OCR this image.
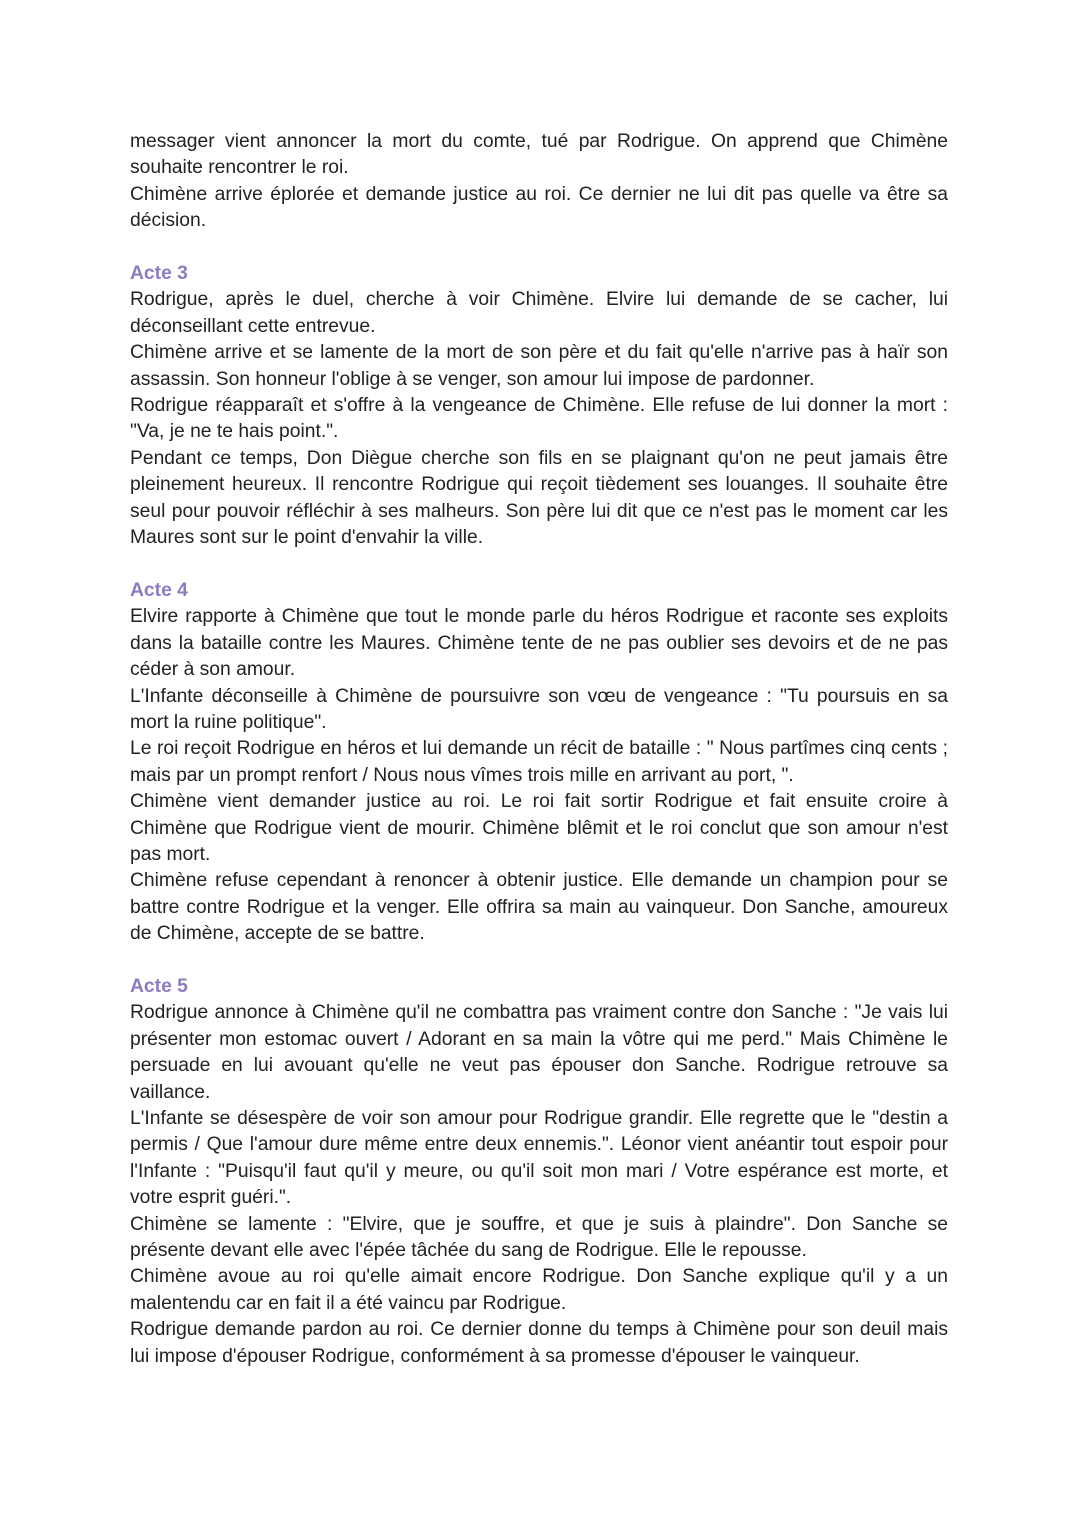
messager vient annoncer la mort du comte, tué par Rodrigue. On apprend que Chimène souhaite rencontrer le roi.

Chimène arrive éplorée et demande justice au roi. Ce dernier ne lui dit pas quelle va être sa décision.

Acte 3

Rodrigue, après le duel, cherche à voir Chimène. Elvire lui demande de se cacher, lui déconseillant cette entrevue.

Chimène arrive et se lamente de la mort de son père et du fait qu'elle n'arrive pas à haïr son assassin. Son honneur l'oblige à se venger, son amour lui impose de pardonner.

Rodrigue réapparaît et s'offre à la vengeance de Chimène. Elle refuse de lui donner la mort : "Va, je ne te hais point.".

Pendant ce temps, Don Diègue cherche son fils en se plaignant qu'on ne peut jamais être pleinement heureux. Il rencontre Rodrigue qui reçoit tièdement ses louanges. Il souhaite être seul pour pouvoir réfléchir à ses malheurs. Son père lui dit que ce n'est pas le moment car les Maures sont sur le point d'envahir la ville.

Acte 4

Elvire rapporte à Chimène que tout le monde parle du héros Rodrigue et raconte ses exploits dans la bataille contre les Maures. Chimène tente de ne pas oublier ses devoirs et de ne pas céder à son amour.

L'Infante déconseille à Chimène de poursuivre son vœu de vengeance : "Tu poursuis en sa mort la ruine politique".

Le roi reçoit Rodrigue en héros et lui demande un récit de bataille : " Nous partîmes cinq cents ; mais par un prompt renfort / Nous nous vîmes trois mille en arrivant au port, ".

Chimène vient demander justice au roi. Le roi fait sortir Rodrigue et fait ensuite croire à Chimène que Rodrigue vient de mourir. Chimène blêmit et le roi conclut que son amour n'est pas mort.

Chimène refuse cependant à renoncer à obtenir justice. Elle demande un champion pour se battre contre Rodrigue et la venger. Elle offrira sa main au vainqueur. Don Sanche, amoureux de Chimène, accepte de se battre.

Acte 5

Rodrigue annonce à Chimène qu'il ne combattra pas vraiment contre don Sanche : "Je vais lui présenter mon estomac ouvert / Adorant en sa main la vôtre qui me perd." Mais Chimène le persuade en lui avouant qu'elle ne veut pas épouser don Sanche. Rodrigue retrouve sa vaillance.

L'Infante se désespère de voir son amour pour Rodrigue grandir. Elle regrette que le "destin a permis / Que l'amour dure même entre deux ennemis.". Léonor vient anéantir tout espoir pour l'Infante : "Puisqu'il faut qu'il y meure, ou qu'il soit mon mari / Votre espérance est morte, et votre esprit guéri.".

Chimène se lamente : "Elvire, que je souffre, et que je suis à plaindre". Don Sanche se présente devant elle avec l'épée tâchée du sang de Rodrigue. Elle le repousse.

Chimène avoue au roi qu'elle aimait encore Rodrigue. Don Sanche explique qu'il y a un malentendu car en fait il a été vaincu par Rodrigue.

Rodrigue demande pardon au roi. Ce dernier donne du temps à Chimène pour son deuil mais lui impose d'épouser Rodrigue, conformément à sa promesse d'épouser le vainqueur.
